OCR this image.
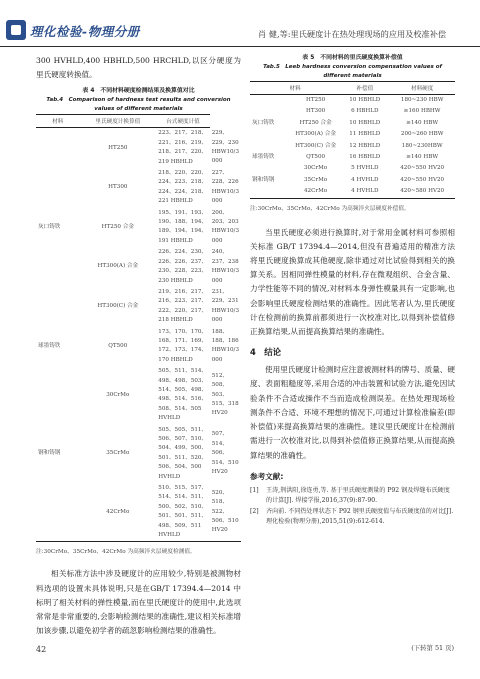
理化检验-物理分册	肖 健,等:里氏硬度计在热处理现场的应用及校准补偿

300 HVHLD,400 HBHLD,500 HRCHLD,以区分硬度为里氏硬度转换值。

表 4　不同材料硬度检测结果及换算值对比
Tab.4　Comparison of hardness test results and conversion values of different materials
材料	里氏硬度计换算值	台式硬度计值	
灰口铸铁	HT250	223、217、218、221、216、219、218、217、220、219 HBHLD	229、229、230 HBW10/3 000
	HT300	218、220、220、224、223、218、224、224、218、221 HBHLD	227、228、226 HBW10/3 000
	HT250 合金	195、191、193、190、188、194、189、194、194、191 HBHLD	200、203、203 HBW10/3 000
	HT300(A) 合金	226、224、230、226、226、237、230、228、223、230 HBHLD	240、237、238 HBW10/3 000
	HT300(C) 合金	219、216、217、216、223、217、222、220、217、218 HBHLD	231、229、231 HBW10/3 000
球墨铸铁	QT500	173、170、170、168、171、169、172、173、174、170 HBHLD	188、188、186 HBW10/3 000
钢和铸钢	30CrMo	505、511、514、498、498、503、514、505、498、498、514、516、508、514、505 HVHLD	512、508、503、515、318 HV20
	35CrMo	505、505、511、506、507、510、504、499、500、501、511、520、506、504、500 HVHLD	507、514、506、514、510 HV20
	42CrMo	510、515、517、514、514、511、500、502、510、501、501、511、498、509、511 HVHLD	520、518、522、506、510 HV20
注:30CrMo、35CrMo、42CrMo 为高频淬火层硬度检测值。

相关标准方法中涉及硬度计的应用较少,特别是被测物材料选项的设置未具体说明,只是在GB/T 17394.4—2014 中标明了相关材料的弹性模量,而在里氏硬度计的使用中,此选项常常是非常重要的,会影响检测结果的准确性,建议相关标准增加该步骤,以避免初学者的疏忽影响检测结果的准确性。

42
表 5　不同材料的里氏硬度换算补偿值
Tab.5　Leeb hardness conversion compensation values of different materials
材料		补偿值	材料硬度
灰口铸铁	HT250	10 HBHLD	180~230 HBW
	HT300	6 HBHLD	≥160 HBHW
	HT250 合金	10 HBHLD	≥140 HBW
	HT300(A) 合金	11 HBHLD	200~260 HBW
	HT300(C) 合金	12 HBHLD	180~230HBW
球墨铸铁	QT500	16 HBHLD	≥140 HBW
钢和铸钢	30CrMo	5 HVHLD	420~550 HV20
	35CrMo	4 HVHLD	420~550 HV20
	42CrMo	4 HVHLD	420~580 HV20
注:30CrMo、35CrMo、42CrMo 为高频淬火层硬度补偿值。

当里氏硬度必须进行换算时,对于常用金属材料可参照相关标准 GB/T 17394.4—2014,但没有普遍适用的精准方法将里氏硬度换算成其他硬度,除非通过对比试验得到相关的换算关系。因相同弹性模量的材料,存在微观组织、合金含量、力学性能等不同的情况,对材料本身弹性模量具有一定影响,也会影响里氏硬度检测结果的准确性。因此笔者认为,里氏硬度计在检测前的换算前都须进行一次校准对比,以得到补偿值修正换算结果,从而提高换算结果的准确性。

4　结论

使用里氏硬度计检测时应注意被测材料的牌号、质量、硬度、表面粗糙度等,采用合适的冲击装置和试验方法,避免因试验条件不合适或操作不当而造成检测误差。在热处理现场检测条件不合适、环境不理想的情况下,可通过计算检准偏差(即补偿值)来提高换算结果的准确性。建议里氏硬度计在检测前需进行一次校准对比,以得到补偿值修正换算结果,从而提高换算结果的准确性。

参考文献:
[1]	王涛,荆洪阳,徐连勇,等. 基于里氏硬度测量的 P92 钢及焊缝布氏硬度的计算[J]. 焊接学报,2016,37(9):87-90.
[2]	齐向前. 不同热处理状态下 P92 钢里氏硬度值与布氏硬度值的对比[J]. 理化检验(物理分册),2015,51(9):612-614.
(下转第 51 页)
